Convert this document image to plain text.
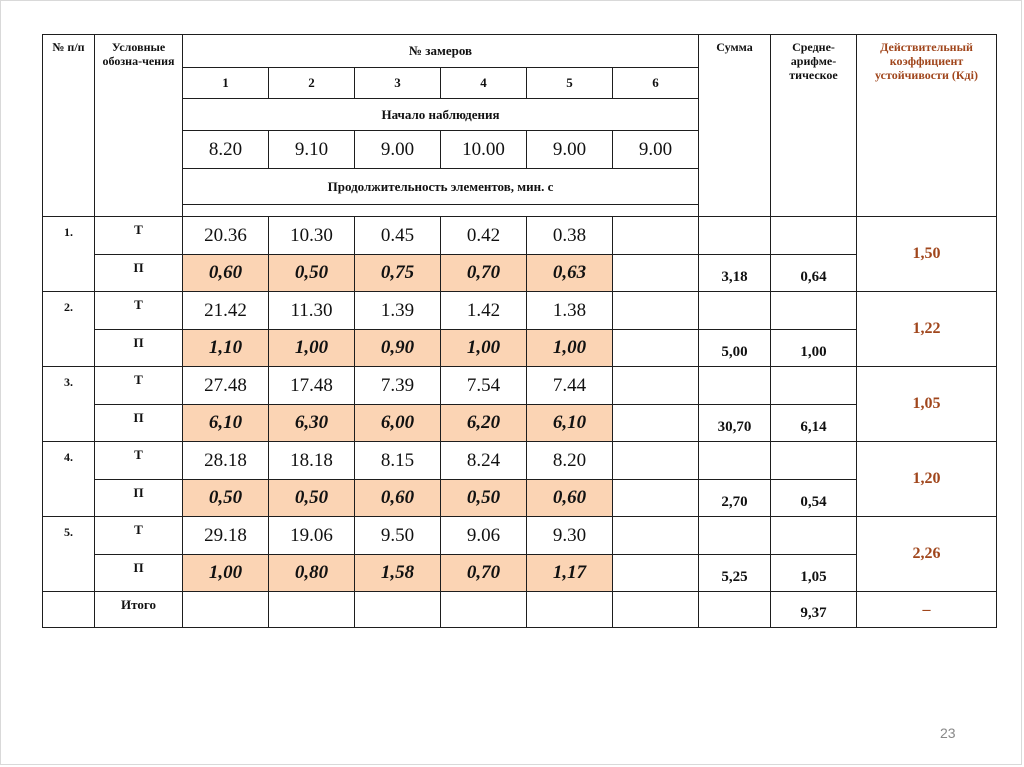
№ п/п	Условные обозна-чения	№ замеров						Сумма	Средне-арифме-тическое	Действительный коэффициент устойчивости (Кдi)
		1	2	3	4	5	6			
		Начало наблюдения								
		8.20	9.10	9.00	10.00	9.00	9.00			
		Продолжительность элементов, мин. с								

1.	Т	20.36	10.30	0.45	0.42	0.38				1,50
	П	0,60	0,50	0,75	0,70	0,63		3,18	0,64	
2.	Т	21.42	11.30	1.39	1.42	1.38				1,22
	П	1,10	1,00	0,90	1,00	1,00		5,00	1,00	
3.	Т	27.48	17.48	7.39	7.54	7.44				1,05
	П	6,10	6,30	6,00	6,20	6,10		30,70	6,14	
4.	Т	28.18	18.18	8.15	8.24	8.20				1,20
	П	0,50	0,50	0,60	0,50	0,60		2,70	0,54	
5.	Т	29.18	19.06	9.50	9.06	9.30				2,26
	П	1,00	0,80	1,58	0,70	1,17		5,25	1,05	
	Итого								9,37	–
23
